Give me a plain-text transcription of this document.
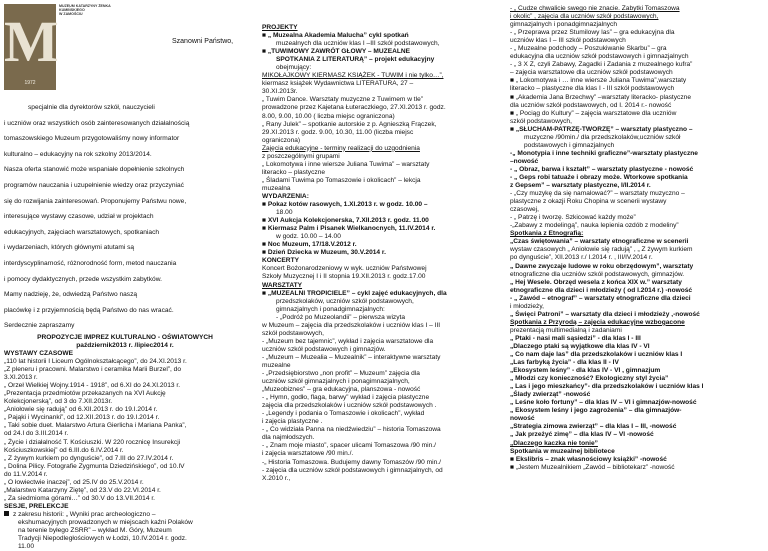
M
1972
MUZEUM KATARZYNY ŻENKA KUMIŃSKIEGO
W ZAMOŚCIU
Szanowni Państwo,

specjalnie dla dyrektorów szkół, nauczycieli

i uczniów oraz wszystkich osób zainteresowanych działalnością

tomaszowskiego Muzeum przygotowaliśmy nowy informator

kulturalno – edukacyjny na rok szkolny 2013/2014.

Nasza oferta stanowić może wspaniałe dopełnienie szkolnych

programów nauczania i uzupełnienie wiedzy oraz przyczyniać

się do rozwijania zainteresowań. Proponujemy Państwu nowe,

interesujące wystawy czasowe, udział w projektach

edukacyjnych, zajęciach warsztatowych, spotkaniach

i wydarzeniach, których głównymi atutami są

interdyscyplinarność, różnorodność form, metod nauczania

i pomocy dydaktycznych, przede wszystkim zabytków.

Mamy nadzieję, że, odwiedzą Państwo naszą

placówkę i z przyjemnością będą Państwo do nas wracać.

Serdecznie zapraszamy

PROPOZYCJE IMPREZ KULTURALNO - OŚWIATOWYCH
październik2013 r. /lipiec2014 r.
WYSTAWY CZASOWE
„110 lat historii I Liceum Ogólnokształcącego”, do 24.XI.2013 r.
„Z pleneru i pracowni. Malarstwo i ceramika Marii Burzel”, do
3.XI.2013 r.
„ Orzeł Wielkiej Wojny.1914 - 1918”, od 6.XI do 24.XI.2013 r.
„Prezentacja przedmiotów przekazanych na XVI Aukcję
Kolekcjonerską”, od 3 do 7.XII.2013r.
„Aniołowie się radują” od 6.XII.2013 r. do 19.I.2014 r.
„ Pająki i Wycinanki”, od 12.XII.2013 r. do 19.I.2014 r.
„ Taki sobie duet. Malarstwo Artura Gierlicha i Mariana Panka”,
od 24.I do 3.III.2014 r.
„ Życie i działalność T. Kościuszki. W 220 rocznicę Insurekcji
Kościuszkowskiej” od 6.III.do 6.IV.2014 r.
„ Z żywym kurkiem po dynguście”, od 7.III do 27.IV.2014 r.
„ Dolina Pilicy. Fotografie Zygmunta Dziedzińskiego”, od 10.IV
do 11.V.2014 r.
„ O łowiectwie inaczej”, od 25.IV do 25.V.2014 r.
„Malarstwo Katarzyny Ziętę”, od 23.V do 22.VI.2014 r.
„ Za siedmioma górami…” od 30.V do 13.VII.2014 r.
SESJE, PRELEKCJE
z zakresu historii: „ Wyniki prac archeologiczno –
ekshumacyjnych prowadzonych w miejscach kaźni Polaków
na terenie byłego ZSRR” – wykład M. Góry, Muzeum
Tradycji Niepodległościowych w Łodzi, 10.IV.2014 r. godz.
11.00
PROJEKTY
■ „ Muzealna Akademia Malucha” cykl spotkań
muzealnych dla uczniów klas I –III szkół podstawowych,
■ „TUWIMOWY ZAWRÓT GŁOWY – MUZEALNE
SPOTKANIA Z LITERATURĄ” – projekt edukacyjny
obejmujący:
MIKOŁAJKOWY KIERMASZ KSIĄŻEK - TUWIM i nie tylko…”,
kiermasz książek Wydawnictwa LITERATURA, 27 –
30.XI.2013r.
„ Tuwim Dance. Warsztaty muzyczne z Tuwimem w tle”
prowadzone przez Kajetana Łuteraczkiego, 27.XI.2013 r. godz.
8.00, 9.00, 10.00 ( liczba miejsc ograniczona)
„ Rany Julek” – spotkanie autorskie z p. Agnieszką Frączek,
29.XI.2013 r. godz. 9.00, 10.30, 11.00 (liczba miejsc
ograniczona)
Zajęcia edukacyjne - terminy realizacji do uzgodnienia
z poszczególnymi grupami
„ Lokomotywa i inne wiersze Juliana Tuwima” – warsztaty
literacko – plastyczne
„ Śladami Tuwima po Tomaszowie i okolicach” – lekcja
muzealna
WYDARZENIA:
■ Pokaz kotów rasowych, 1.XI.2013 r. w godz. 10.00 –
18.00
■ XVI Aukcja Kolekcjonerska, 7.XII.2013 r. godz. 11.00
■ Kiermasz Palm i Pisanek Wielkanocnych, 11.IV.2014 r.
w godz. 10.00 – 14.00
■ Noc Muzeum, 17/18.V.2012 r.
■ Dzień Dziecka w Muzeum, 30.V.2014 r.
KONCERTY
Koncert Bożonarodzeniowy w wyk. uczniów Państwowej
Szkoły Muzycznej I i II stopnia 19.XII.2013 r. godz.17.00
WARSZTATY
■ „MUZEALNI TROPICIELE” – cykl zajęć edukacyjnych, dla
przedszkolaków, uczniów szkół podstawowych,
gimnazjalnych i ponadgimnazjalnych:
- „Podróż po Muzeolandii” – pierwsza wizyta
w Muzeum – zajęcia dla przedszkolaków i uczniów klas I – III
szkół podstawowych,
- „Muzeum bez tajemnic”, wykład i zajęcia warsztatowe dla
uczniów szkół podstawowych i gimnazjów.
- „Muzeum – Muzealia – Muzealnik” – interaktywne warsztaty
muzealne
- „Przedsiębiorstwo „non profit” – Muzeum” zajęcia dla
uczniów szkół gimnazjalnych i ponagimnazjalnych,
„Muzeobiznes” – gra edukacyjna, planszowa - nowość
- „ Hymn, godło, flaga, barwy” wykład i zajęcia plastyczne
zajęcia dla przedszkolaków i uczniów szkół podstawowych .
- „Legendy i podania o Tomaszowie i okolicach”, wykład
i zajęcia plastyczne .
- „ Co widziała Panna na niedźwiedziu” – historia Tomaszowa
dla najmłodszych.
- „ Znam moje miasto”, spacer ulicami Tomaszowa /90 min./
i zajęcia warsztatowe /90 min./.
-„ Historia Tomaszowa. Budujemy dawny Tomaszów /90 min./
- zajęcia dla uczniów szkół podstawowych i gimnazjalnych, od
X.2010 r.,
- „ Cudze chwalicie swego nie znacie. Zabytki Tomaszowa
i okolic” , zajęcia dla uczniów szkół podstawowych,
gimnazjalnych i ponadgimnazjalnych
- „ Przeprawa przez Stumilowy las” – gra edukacyjna dla
uczniów klas I – III szkół podstawowych
- „ Muzealne podchody – Poszukiwanie Skarbu” – gra
edukacyjna dla uczniów szkół podstawowych i gimnazjalnych
- „ 3 X Z, czyli Zabawy, Zagadki i Zadania z muzealnego kufra”
– zajęcia warsztatowe dla uczniów szkół podstawowych
■ „ Lokomotywa i … inne wiersze Juliana Tuwima”,warsztaty
literacko – plastyczne dla klas I - III szkół podstawowych
■ „Akademia Jana Brzechwy” –warsztaty literacko- plastyczne
dla uczniów szkół podstawowych, od I. 2014 r.- nowość
■ „ Pociąg do Kultury” – zajęcia warsztatowe dla uczniów
szkół podstawowych,
■ „SŁUCHAM-PATRZĘ-TWORZĘ” – warsztaty plastyczno –
muzyczne /90min./ dla przedszkolaków,uczniów szkół
podstawowych i gimnazjalnych
-„ Monotypia i inne techniki graficzne”-warsztaty plastyczne
–nowość
- „ Obraz, barwa i kształt” – warsztaty plastyczne - nowość
- „ Geps robi tatuaże i obrazy może. Wtorkowe spotkania
z Gepsem” – warsztaty plastyczne, I/II.2014 r.
- „Czy muzykę da się namalować?” – warsztaty muzyczno –
plastyczne z okazji Roku Chopina w scenerii wystawy
czasowej,
- „ Patrzę i tworzę. Szkicować każdy może”
-„Zabawy z modelingą”, nauka lepienia ozdób z modeliny”
Spotkania z Etnografią:
„Czas świętowania” – warsztaty etnograficzne w scenerii
wystaw czasowych „ Aniołowie się radują” , „ Z żywym kurkiem
po dynguście”, XII.2013 r./ I.2014 r. , III/IV.2014 r.
„ Dawne zwyczaje ludowe w roku obrzędowym”, warsztaty
etnograficzne dla uczniów szkół podstawowych, gimnazjów.
„ Hej Wesele. Obrzęd wesela z końca XIX w.” warsztaty
etnograficzne dla dzieci i młodzieży ( od I.2014 r.) -nowość
- „ Zawód – etnograf” – warsztaty etnograficzne dla dzieci
i młodzieży,
„ Święci Patroni” – warsztaty dla dzieci i młodzieży ,-nowość
Spotkania z Przyrodą – zajęcia edukacyjne wzbogacone
prezentacją multimedialną i zadaniami
„ Ptaki - nasi mali sąsiedzi” - dla klas I - III
„Dlaczego ptaki są wyjątkowe dla klas IV - VI
„ Co nam daje las” dla przedszkolaków i uczniów klas I
„Las farbyką życia” - dla klas II - IV
„Ekosystem leśny” - dla klas IV - VI , gimnazjum
„ Młodzi czy konieczność? Ekologiczny styl życia”
„ Las i jego mieszkańcy”- dla przedszkolaków i uczniów klas I
„Ślady zwierząt” -nowość
„ Leśne koło fortuny” – dla klas IV – VI i gimnazjów-nowość
„ Ekosystem leśny i jego zagrożenia” – dla gimnazjów-
nowość
„Strategia zimowa zwierząt” – dla klas I – III, -nowość
„ Jak przeżyć zimę” – dla klas IV – VI -nowość
„Dlaczego kaczka nie tonie”
Spotkania w muzealnej bibliotece
■ Ekslibris – znak własnościowy książki” -nowość
■ „Jestem Muzealnikiem „Zawód – bibliotekarz” -nowość
